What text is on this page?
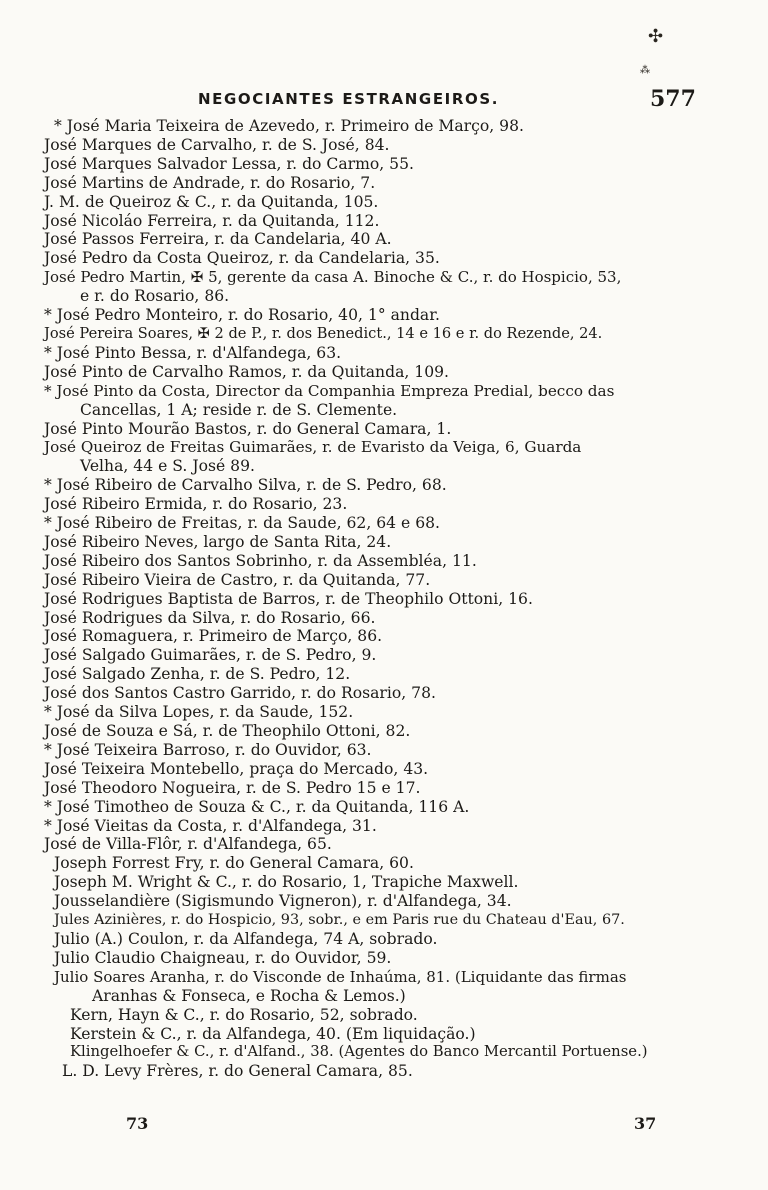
✣
⁂
NEGOCIANTES ESTRANGEIROS.	577
* José Maria Teixeira de Azevedo, r. Primeiro de Março, 98.
José Marques de Carvalho, r. de S. José, 84.
José Marques Salvador Lessa, r. do Carmo, 55.
José Martins de Andrade, r. do Rosario, 7.
J. M. de Queiroz & C., r. da Quitanda, 105.
José Nicoláo Ferreira, r. da Quitanda, 112.
José Passos Ferreira, r. da Candelaria, 40 A.
José Pedro da Costa Queiroz, r. da Candelaria, 35.
José Pedro Martin, ✠ 5, gerente da casa A. Binoche & C., r. do Hospicio, 53,
e r. do Rosario, 86.
* José Pedro Monteiro, r. do Rosario, 40, 1° andar.
José Pereira Soares, ✠ 2 de P., r. dos Benedict., 14 e 16 e r. do Rezende, 24.
* José Pinto Bessa, r. d'Alfandega, 63.
José Pinto de Carvalho Ramos, r. da Quitanda, 109.
* José Pinto da Costa, Director da Companhia Empreza Predial, becco das
Cancellas, 1 A; reside r. de S. Clemente.
José Pinto Mourão Bastos, r. do General Camara, 1.
José Queiroz de Freitas Guimarães, r. de Evaristo da Veiga, 6, Guarda
Velha, 44 e S. José 89.
* José Ribeiro de Carvalho Silva, r. de S. Pedro, 68.
José Ribeiro Ermida, r. do Rosario, 23.
* José Ribeiro de Freitas, r. da Saude, 62, 64 e 68.
José Ribeiro Neves, largo de Santa Rita, 24.
José Ribeiro dos Santos Sobrinho, r. da Assembléa, 11.
José Ribeiro Vieira de Castro, r. da Quitanda, 77.
José Rodrigues Baptista de Barros, r. de Theophilo Ottoni, 16.
José Rodrigues da Silva, r. do Rosario, 66.
José Romaguera, r. Primeiro de Março, 86.
José Salgado Guimarães, r. de S. Pedro, 9.
José Salgado Zenha, r. de S. Pedro, 12.
José dos Santos Castro Garrido, r. do Rosario, 78.
* José da Silva Lopes, r. da Saude, 152.
José de Souza e Sá, r. de Theophilo Ottoni, 82.
* José Teixeira Barroso, r. do Ouvidor, 63.
José Teixeira Montebello, praça do Mercado, 43.
José Theodoro Nogueira, r. de S. Pedro 15 e 17.
* José Timotheo de Souza & C., r. da Quitanda, 116 A.
* José Vieitas da Costa, r. d'Alfandega, 31.
José de Villa-Flôr, r. d'Alfandega, 65.
Joseph Forrest Fry, r. do General Camara, 60.
Joseph M. Wright & C., r. do Rosario, 1, Trapiche Maxwell.
Jousselandière (Sigismundo Vigneron), r. d'Alfandega, 34.
Jules Azinières, r. do Hospicio, 93, sobr., e em Paris rue du Chateau d'Eau, 67.
Julio (A.) Coulon, r. da Alfandega, 74 A, sobrado.
Julio Claudio Chaigneau, r. do Ouvidor, 59.
Julio Soares Aranha, r. do Visconde de Inhaúma, 81. (Liquidante das firmas
Aranhas & Fonseca, e Rocha & Lemos.)
Kern, Hayn & C., r. do Rosario, 52, sobrado.
Kerstein & C., r. da Alfandega, 40. (Em liquidação.)
Klingelhoefer & C., r. d'Alfand., 38. (Agentes do Banco Mercantil Portuense.)
L. D. Levy Frères, r. do General Camara, 85.
73	37
